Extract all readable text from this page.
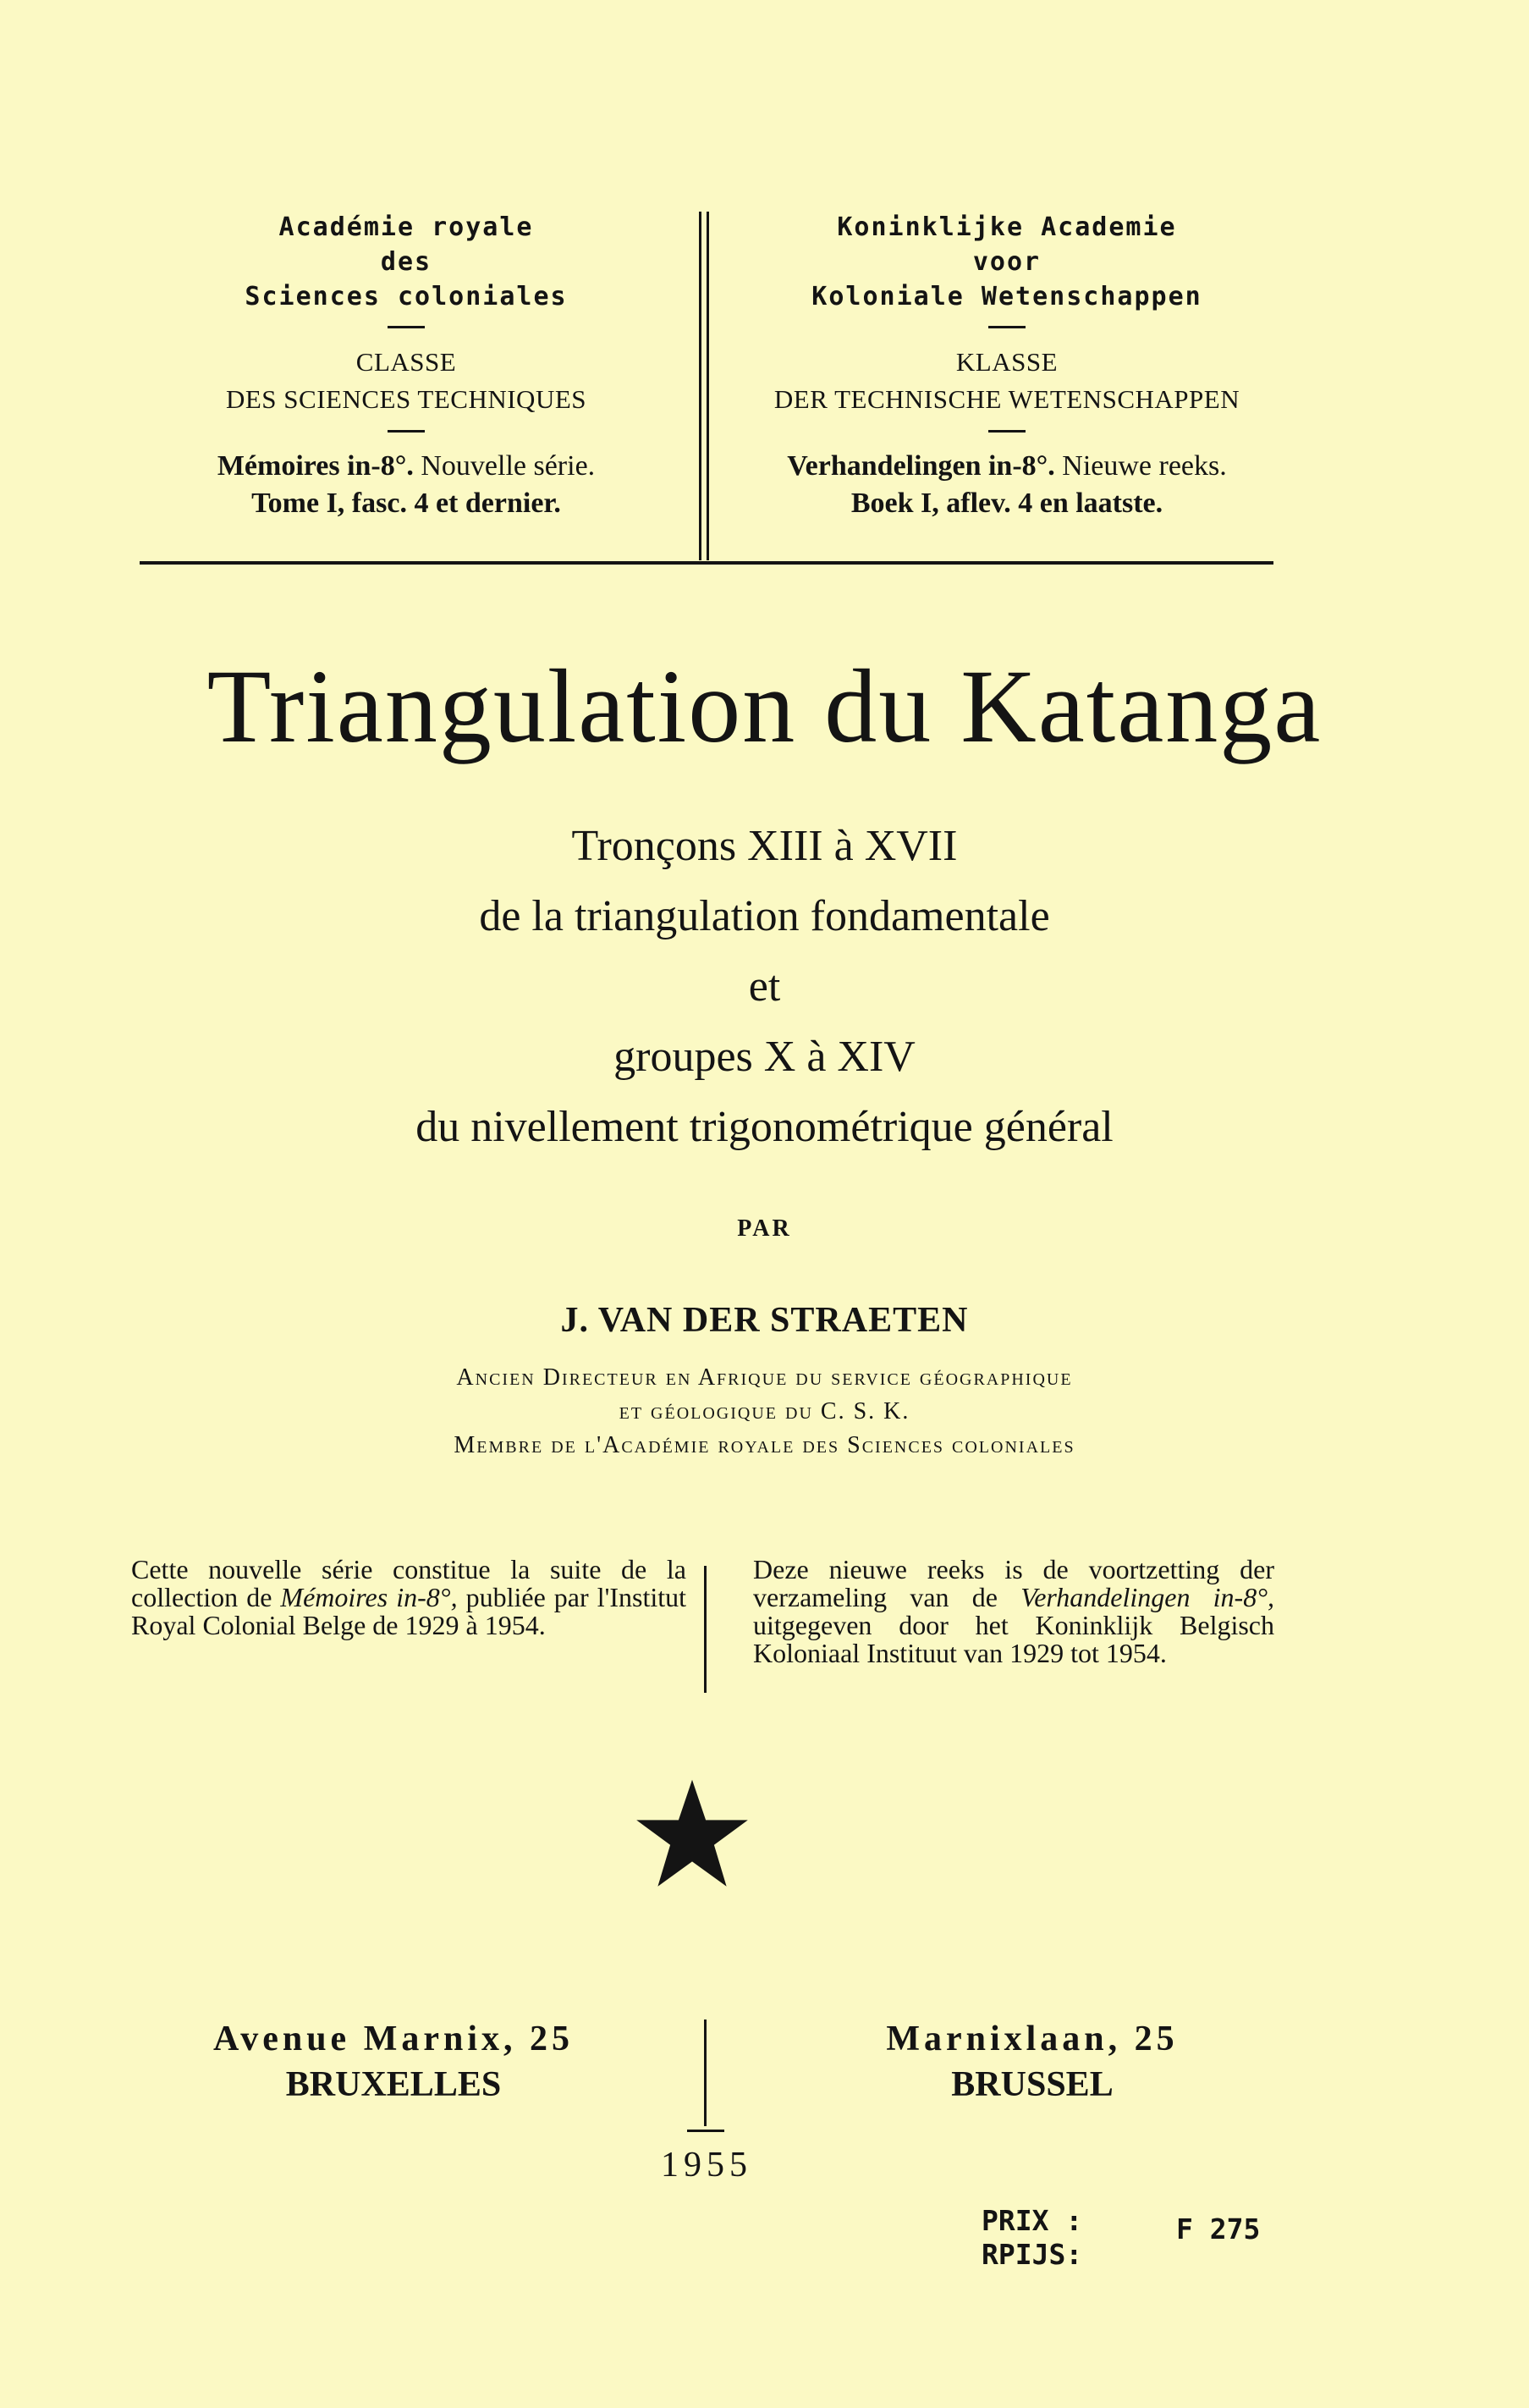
Académie royale
des
Sciences coloniales
CLASSE
DES SCIENCES TECHNIQUES
Mémoires in-8°. Nouvelle série.
Tome I, fasc. 4 et dernier.
Koninklijke Academie
voor
Koloniale Wetenschappen
KLASSE
DER TECHNISCHE WETENSCHAPPEN
Verhandelingen in-8°. Nieuwe reeks.
Boek I, aflev. 4 en laatste.
Triangulation du Katanga
Tronçons XIII à XVII
de la triangulation fondamentale
et
groupes X à XIV
du nivellement trigonométrique général
PAR
J. VAN DER STRAETEN
Ancien Directeur en Afrique du service géographique
et géologique du C. S. K.
Membre de l'Académie royale des Sciences coloniales
Cette nouvelle série constitue la suite de la collection de Mémoires in-8°, publiée par l'Institut Royal Colonial Belge de 1929 à 1954.
Deze nieuwe reeks is de voortzetting der verzameling van de Verhandelingen in-8°, uitgegeven door het Koninklijk Belgisch Koloniaal Instituut van 1929 tot 1954.
Avenue Marnix, 25
BRUXELLES
Marnixlaan, 25
BRUSSEL
1955
PRIX :
RPIJS:
F 275
